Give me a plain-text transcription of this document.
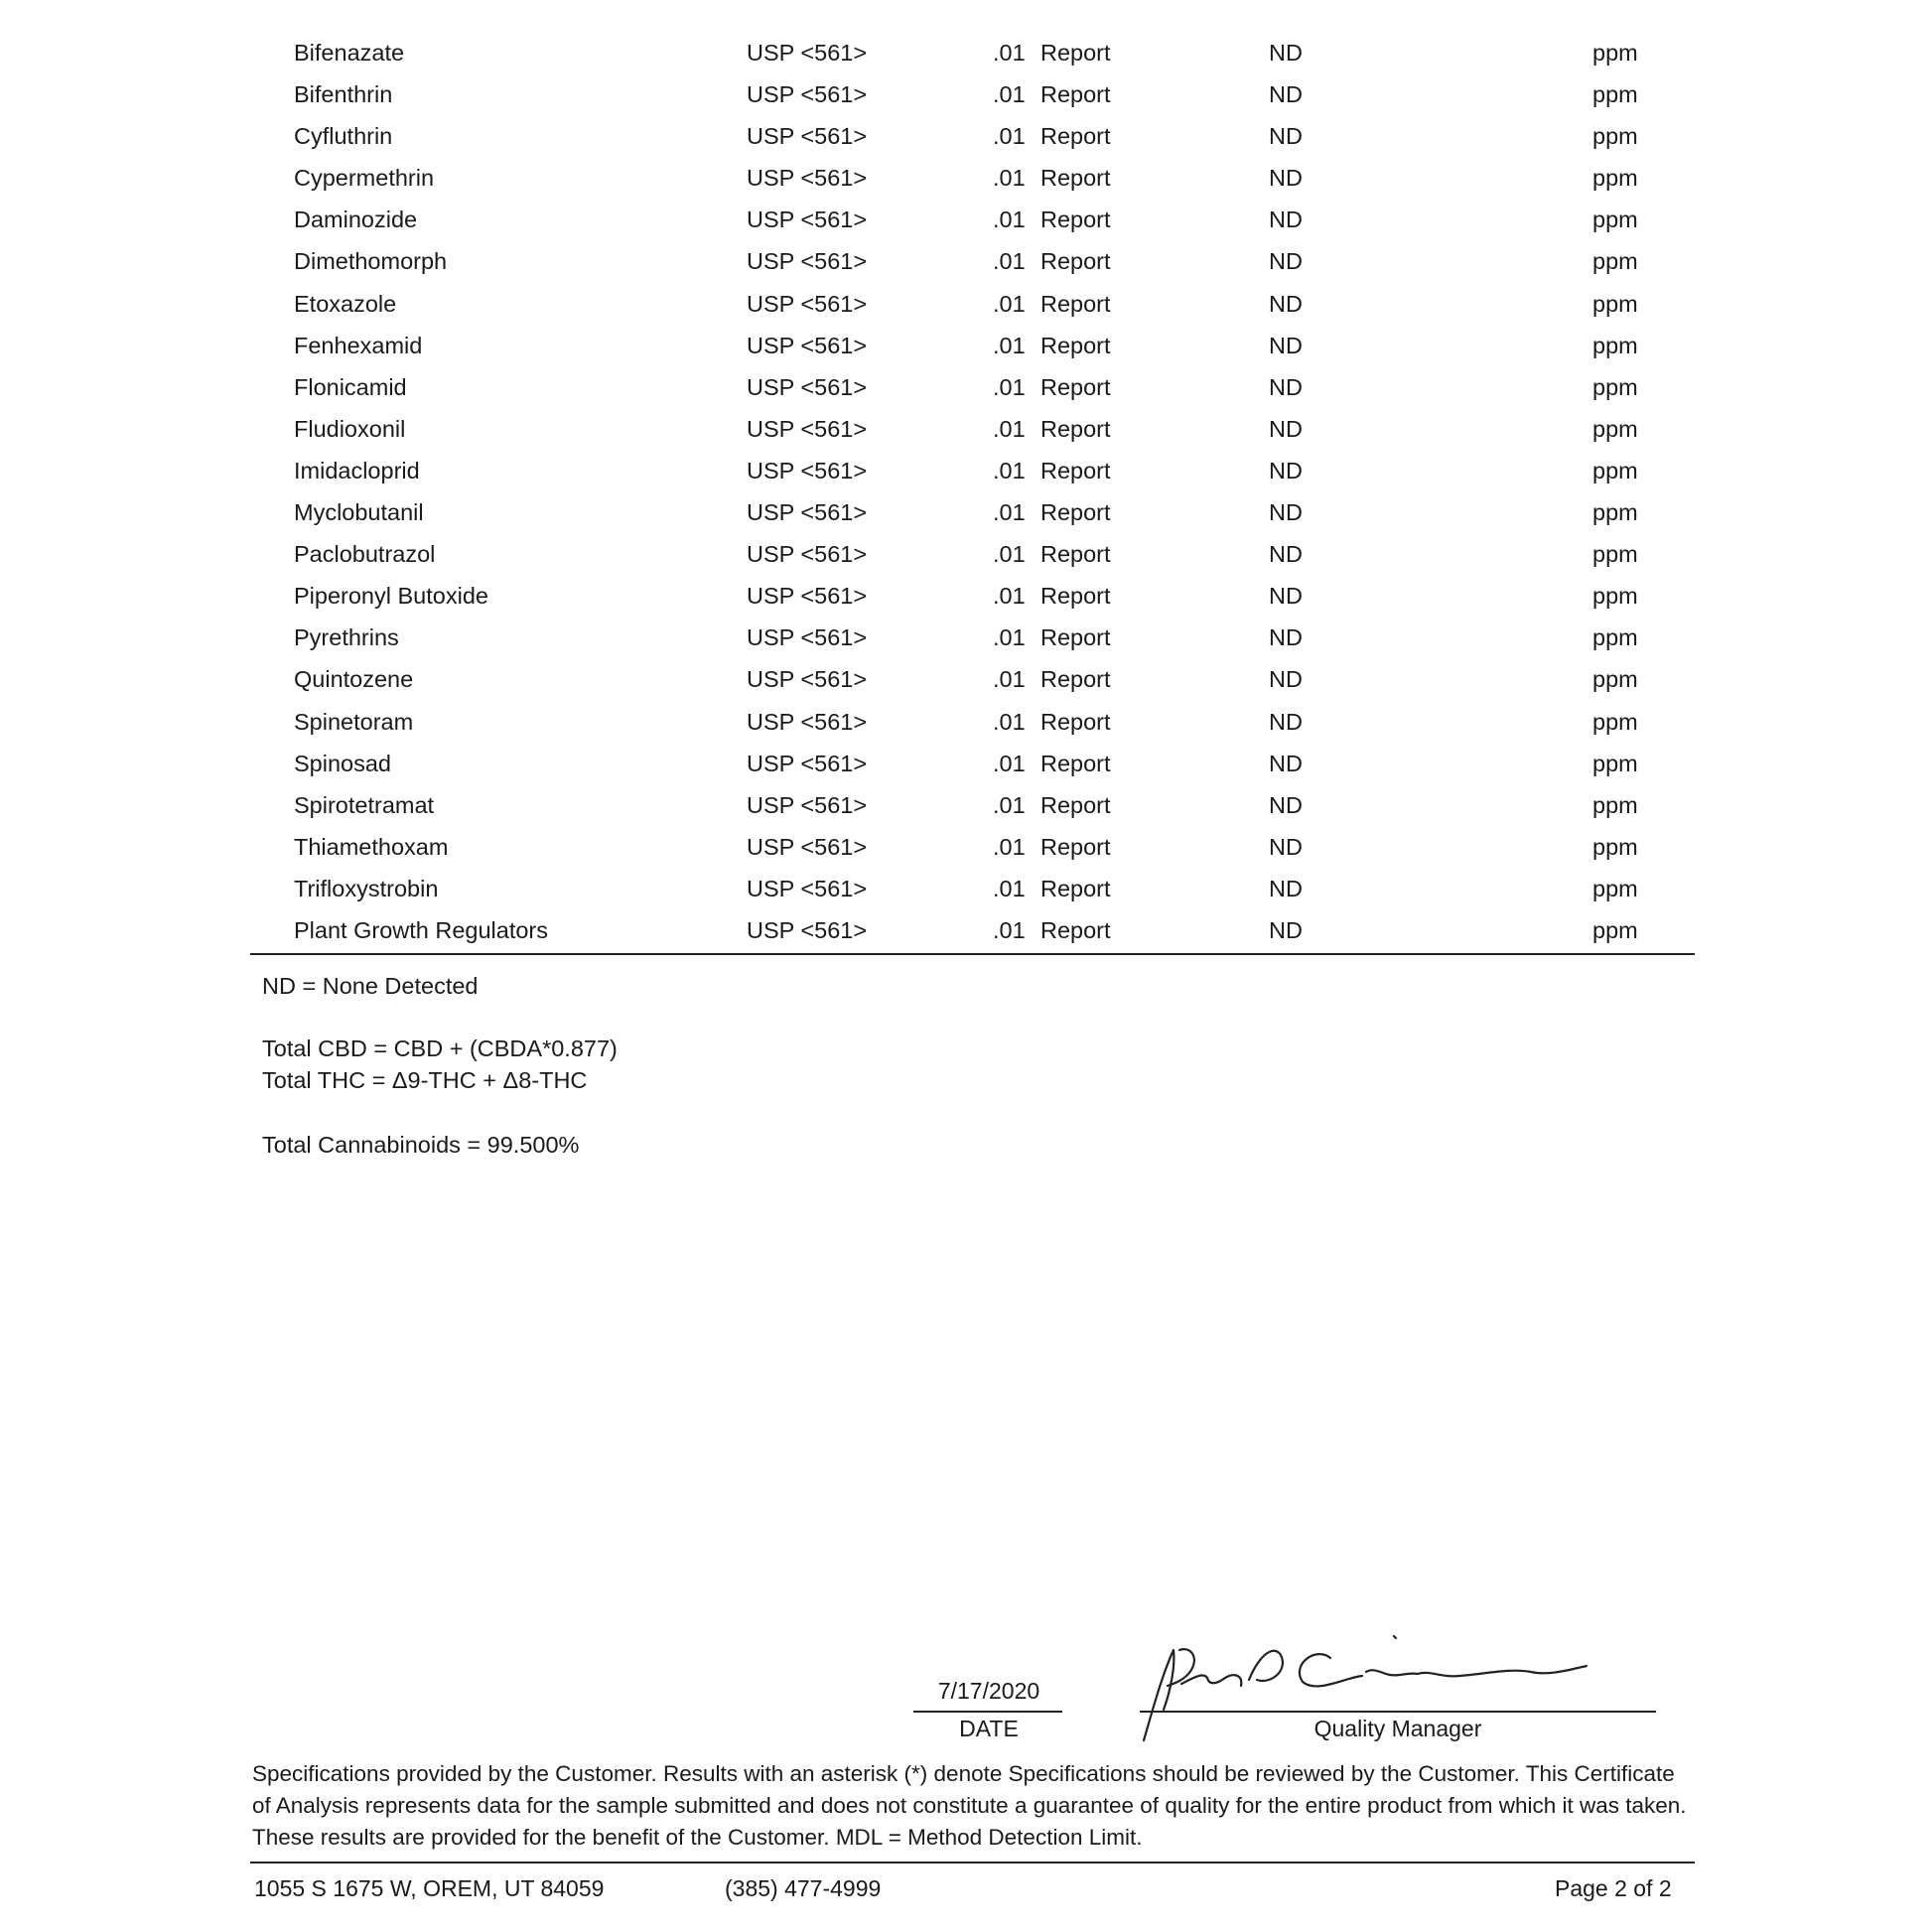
Bifenazate	USP <561>	.01 Report	ND	ppm
Bifenthrin	USP <561>	.01 Report	ND	ppm
Cyfluthrin	USP <561>	.01 Report	ND	ppm
Cypermethrin	USP <561>	.01 Report	ND	ppm
Daminozide	USP <561>	.01 Report	ND	ppm
Dimethomorph	USP <561>	.01 Report	ND	ppm
Etoxazole	USP <561>	.01 Report	ND	ppm
Fenhexamid	USP <561>	.01 Report	ND	ppm
Flonicamid	USP <561>	.01 Report	ND	ppm
Fludioxonil	USP <561>	.01 Report	ND	ppm
Imidacloprid	USP <561>	.01 Report	ND	ppm
Myclobutanil	USP <561>	.01 Report	ND	ppm
Paclobutrazol	USP <561>	.01 Report	ND	ppm
Piperonyl Butoxide	USP <561>	.01 Report	ND	ppm
Pyrethrins	USP <561>	.01 Report	ND	ppm
Quintozene	USP <561>	.01 Report	ND	ppm
Spinetoram	USP <561>	.01 Report	ND	ppm
Spinosad	USP <561>	.01 Report	ND	ppm
Spirotetramat	USP <561>	.01 Report	ND	ppm
Thiamethoxam	USP <561>	.01 Report	ND	ppm
Trifloxystrobin	USP <561>	.01 Report	ND	ppm
Plant Growth Regulators	USP <561>	.01 Report	ND	ppm
ND = None Detected
Total CBD = CBD + (CBDA*0.877)
Total THC = Δ9-THC + Δ8-THC
Total Cannabinoids = 99.500%
7/17/2020
DATE	Quality Manager
Specifications provided by the Customer. Results with an asterisk (*) denote Specifications should be reviewed by the Customer. This Certificate of Analysis represents data for the sample submitted and does not constitute a guarantee of quality for the entire product from which it was taken. These results are provided for the benefit of the Customer. MDL = Method Detection Limit.
1055 S 1675 W, OREM, UT 84059	(385) 477-4999	Page 2 of 2
